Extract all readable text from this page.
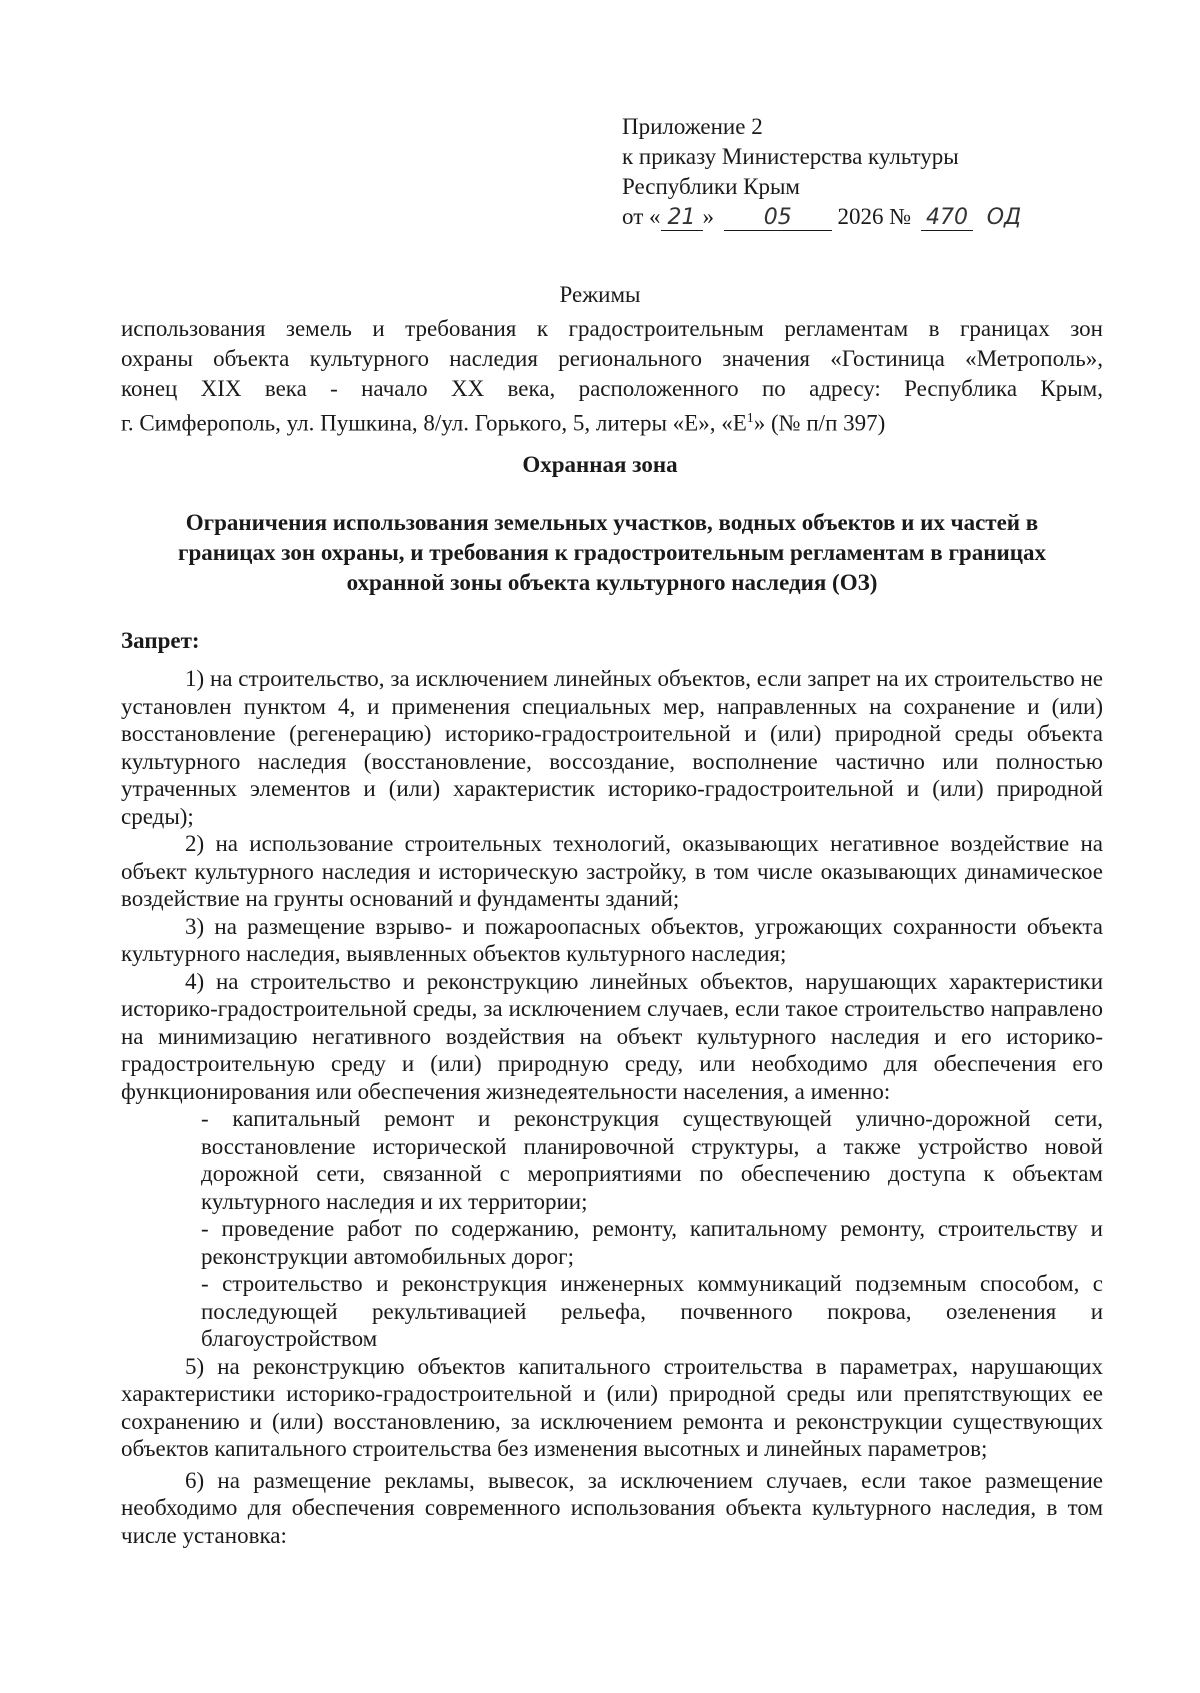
Приложение 2
к приказу Министерства культуры
Республики Крым
от « 21 » 05 2026 № 470 ОД
Режимы
использования земель и требования к градостроительным регламентам в границах зон
охраны объекта культурного наследия регионального значения «Гостиница «Метрополь»,
конец XIX века - начало XX века, расположенного по адресу: Республика Крым,
г. Симферополь, ул. Пушкина, 8/ул. Горького, 5, литеры «Е», «$Е^1$» (№ п/п 397)
Охранная зона
Ограничения использования земельных участков, водных объектов и их частей в
границах зон охраны, и требования к градостроительным регламентам в границах
охранной зоны объекта культурного наследия (ОЗ)
Запрет:
1) на строительство, за исключением линейных объектов, если запрет на их строительство не установлен пунктом 4, и применения специальных мер, направленных на сохранение и (или) восстановление (регенерацию) историко-градостроительной и (или) природной среды объекта культурного наследия (восстановление, воссоздание, восполнение частично или полностью утраченных элементов и (или) характеристик историко-градостроительной и (или) природной среды);
2) на использование строительных технологий, оказывающих негативное воздействие на объект культурного наследия и историческую застройку, в том числе оказывающих динамическое воздействие на грунты оснований и фундаменты зданий;
3) на размещение взрыво- и пожароопасных объектов, угрожающих сохранности объекта культурного наследия, выявленных объектов культурного наследия;
4) на строительство и реконструкцию линейных объектов, нарушающих характеристики историко-градостроительной среды, за исключением случаев, если такое строительство направлено на минимизацию негативного воздействия на объект культурного наследия и его историко-градостроительную среду и (или) природную среду, или необходимо для обеспечения его функционирования или обеспечения жизнедеятельности населения, а именно:
- капитальный ремонт и реконструкция существующей улично-дорожной сети, восстановление исторической планировочной структуры, а также устройство новой дорожной сети, связанной с мероприятиями по обеспечению доступа к объектам культурного наследия и их территории;
- проведение работ по содержанию, ремонту, капитальному ремонту, строительству и реконструкции автомобильных дорог;
- строительство и реконструкция инженерных коммуникаций подземным способом, с последующей рекультивацией рельефа, почвенного покрова, озеленения и благоустройством
5) на реконструкцию объектов капитального строительства в параметрах, нарушающих характеристики историко-градостроительной и (или) природной среды или препятствующих ее сохранению и (или) восстановлению, за исключением ремонта и реконструкции существующих объектов капитального строительства без изменения высотных и линейных параметров;
6) на размещение рекламы, вывесок, за исключением случаев, если такое размещение необходимо для обеспечения современного использования объекта культурного наследия, в том числе установка:
